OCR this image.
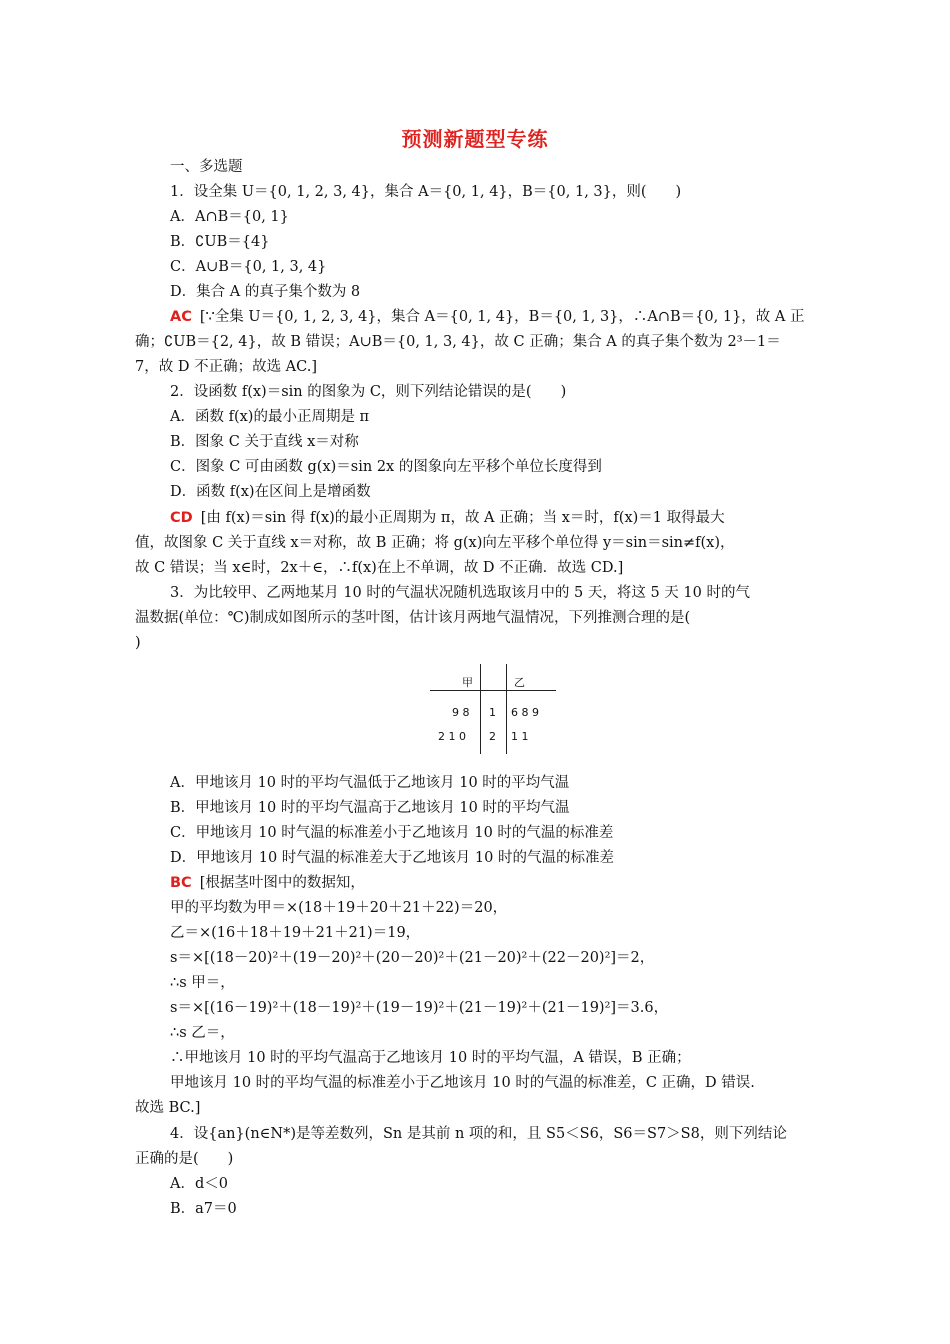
预测新题型专练
一、多选题
1．设全集 U＝{0, 1, 2, 3, 4}，集合 A＝{0, 1, 4}，B＝{0, 1, 3}，则(　　)
A．A∩B＝{0, 1}
B．∁UB＝{4}
C．A∪B＝{0, 1, 3, 4}
D．集合 A 的真子集个数为 8
AC [∵全集 U＝{0, 1, 2, 3, 4}，集合 A＝{0, 1, 4}，B＝{0, 1, 3}，∴A∩B＝{0, 1}，故 A 正
确；∁UB＝{2, 4}，故 B 错误；A∪B＝{0, 1, 3, 4}，故 C 正确；集合 A 的真子集个数为 2³－1＝
7，故 D 不正确；故选 AC.]
2．设函数 f(x)＝sin 的图象为 C，则下列结论错误的是(　　)
A．函数 f(x)的最小正周期是 π
B．图象 C 关于直线 x＝对称
C．图象 C 可由函数 g(x)＝sin 2x 的图象向左平移个单位长度得到
D．函数 f(x)在区间上是增函数
CD [由 f(x)＝sin 得 f(x)的最小正周期为 π，故 A 正确；当 x＝时，f(x)＝1 取得最大
值，故图象 C 关于直线 x＝对称，故 B 正确；将 g(x)向左平移个单位得 y＝sin＝sin≠f(x)，
故 C 错误；当 x∈时，2x＋∈，∴f(x)在上不单调，故 D 不正确．故选 CD.]
3．为比较甲、乙两地某月 10 时的气温状况随机选取该月中的 5 天，将这 5 天 10 时的气
温数据(单位：℃)制成如图所示的茎叶图，估计该月两地气温情况，下列推测合理的是(
)
甲	乙
9 8 1 6 8 9
2 1 0 2 1 1
A．甲地该月 10 时的平均气温低于乙地该月 10 时的平均气温
B．甲地该月 10 时的平均气温高于乙地该月 10 时的平均气温
C．甲地该月 10 时气温的标准差小于乙地该月 10 时的气温的标准差
D．甲地该月 10 时气温的标准差大于乙地该月 10 时的气温的标准差
BC [根据茎叶图中的数据知，
甲的平均数为甲＝×(18＋19＋20＋21＋22)＝20，
乙＝×(16＋18＋19＋21＋21)＝19，
s＝×[(18－20)²＋(19－20)²＋(20－20)²＋(21－20)²＋(22－20)²]＝2，
∴s 甲＝，
s＝×[(16－19)²＋(18－19)²＋(19－19)²＋(21－19)²＋(21－19)²]＝3.6，
∴s 乙＝，
∴甲地该月 10 时的平均气温高于乙地该月 10 时的平均气温，A 错误，B 正确；
甲地该月 10 时的平均气温的标准差小于乙地该月 10 时的气温的标准差，C 正确，D 错误.
故选 BC.]
4．设{an}(n∈N*)是等差数列，Sn 是其前 n 项的和，且 S5＜S6，S6＝S7＞S8，则下列结论
正确的是(　　)
A．d＜0
B．a7＝0
